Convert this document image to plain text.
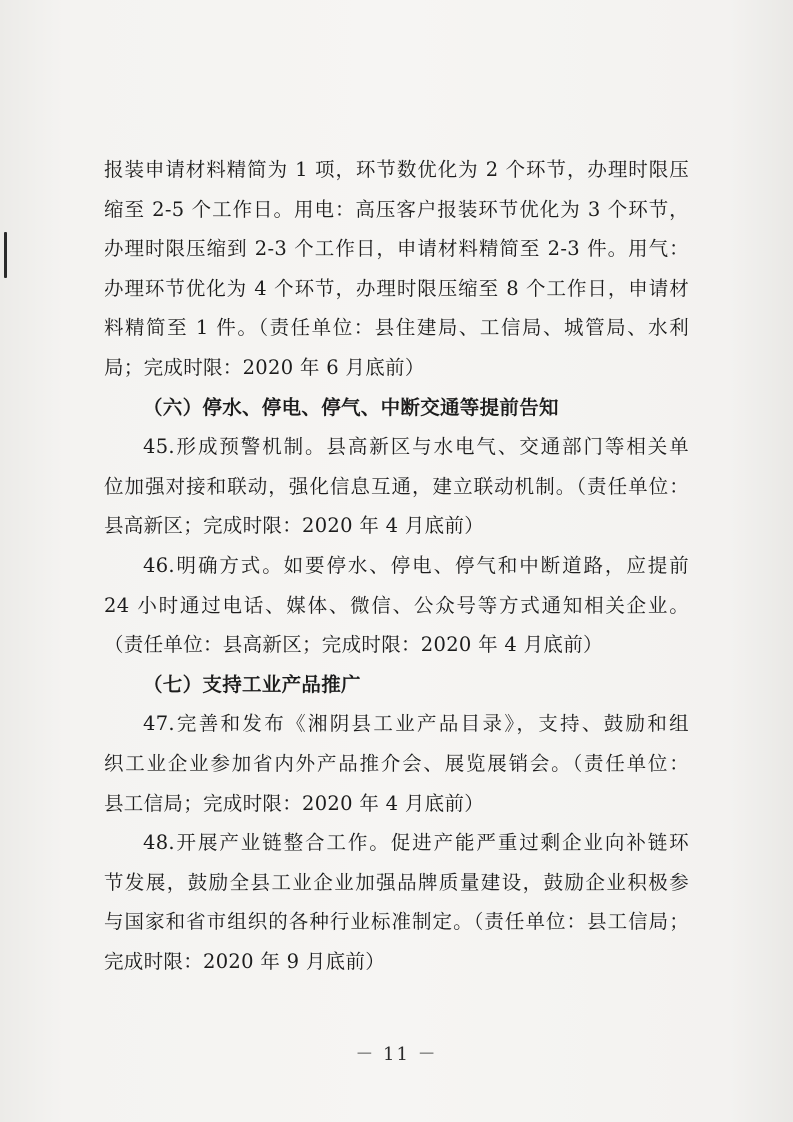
报装申请材料精简为 1 项，环节数优化为 2 个环节，办理时限压
缩至 2-5 个工作日。用电：高压客户报装环节优化为 3 个环节，
办理时限压缩到 2-3 个工作日，申请材料精简至 2-3 件。用气：
办理环节优化为 4 个环节，办理时限压缩至 8 个工作日，申请材
料精简至 1 件。（责任单位：县住建局、工信局、城管局、水利
局；完成时限：2020 年 6 月底前）
（六）停水、停电、停气、中断交通等提前告知
45.形成预警机制。县高新区与水电气、交通部门等相关单
位加强对接和联动，强化信息互通，建立联动机制。（责任单位：
县高新区；完成时限：2020 年 4 月底前）
46.明确方式。如要停水、停电、停气和中断道路，应提前
24 小时通过电话、媒体、微信、公众号等方式通知相关企业。
（责任单位：县高新区；完成时限：2020 年 4 月底前）
（七）支持工业产品推广
47.完善和发布《湘阴县工业产品目录》，支持、鼓励和组
织工业企业参加省内外产品推介会、展览展销会。（责任单位：
县工信局；完成时限：2020 年 4 月底前）
48.开展产业链整合工作。促进产能严重过剩企业向补链环
节发展，鼓励全县工业企业加强品牌质量建设，鼓励企业积极参
与国家和省市组织的各种行业标准制定。（责任单位：县工信局；
完成时限：2020 年 9 月底前）
－ 11 －
